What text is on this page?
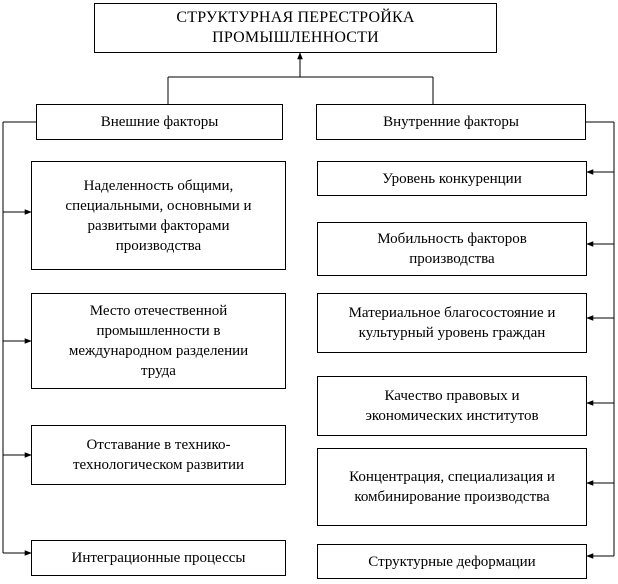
СТРУКТУРНАЯ ПЕРЕСТРОЙКА ПРОМЫШЛЕННОСТИ
Внешние факторы	Внутренние факторы
Наделенность общими, специальными, основными и развитыми факторами производства
Место отечественной промышленности в международном разделении труда
Отставание в технико-технологическом развитии
Интеграционные процессы
Уровень конкуренции
Мобильность факторов производства
Материальное благосостояние и культурный уровень граждан
Качество правовых и экономических институтов
Концентрация, специализация и комбинирование производства
Структурные деформации
